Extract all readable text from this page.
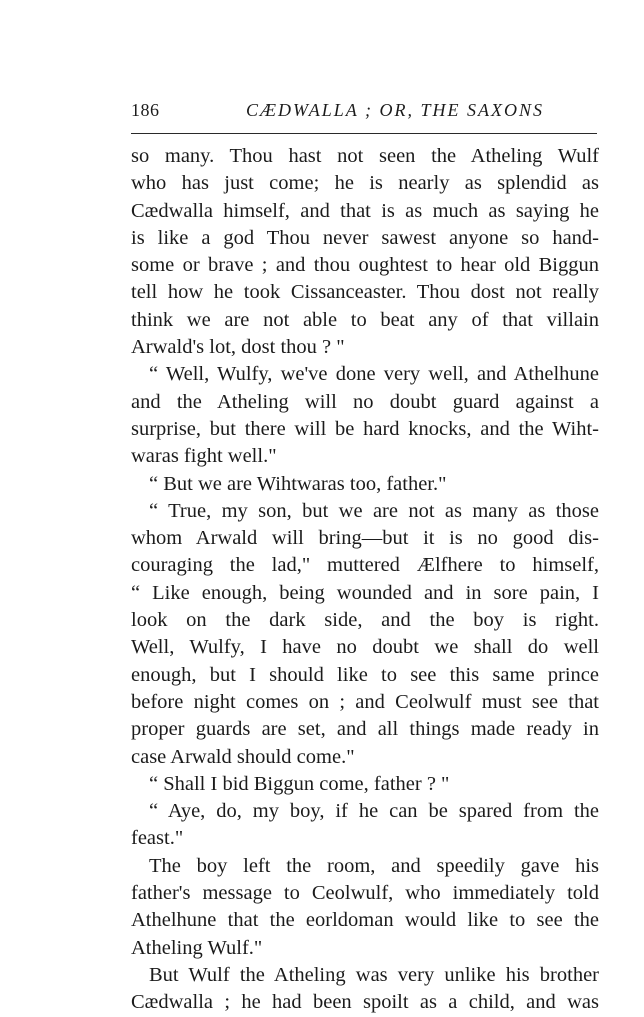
186	CÆDWALLA ; OR, THE SAXONS
so many. Thou hast not seen the Atheling Wulf
who has just come; he is nearly as splendid as
Cædwalla himself, and that is as much as saying he
is like a god Thou never sawest anyone so hand-
some or brave ; and thou oughtest to hear old Biggun
tell how he took Cissanceaster. Thou dost not really
think we are not able to beat any of that villain
Arwald's lot, dost thou ? "
“ Well, Wulfy, we've done very well, and Athelhune
and the Atheling will no doubt guard against a
surprise, but there will be hard knocks, and the Wiht-
waras fight well."
“ But we are Wihtwaras too, father."
“ True, my son, but we are not as many as those
whom Arwald will bring—but it is no good dis-
couraging the lad," muttered Ælfhere to himself,
“ Like enough, being wounded and in sore pain, I
look on the dark side, and the boy is right.
Well, Wulfy, I have no doubt we shall do well
enough, but I should like to see this same prince
before night comes on ; and Ceolwulf must see that
proper guards are set, and all things made ready in
case Arwald should come."
“ Shall I bid Biggun come, father ? "
“ Aye, do, my boy, if he can be spared from the
feast."
The boy left the room, and speedily gave his
father's message to Ceolwulf, who immediately told
Athelhune that the eorldoman would like to see the
Atheling Wulf."
But Wulf the Atheling was very unlike his brother
Cædwalla ; he had been spoilt as a child, and was
